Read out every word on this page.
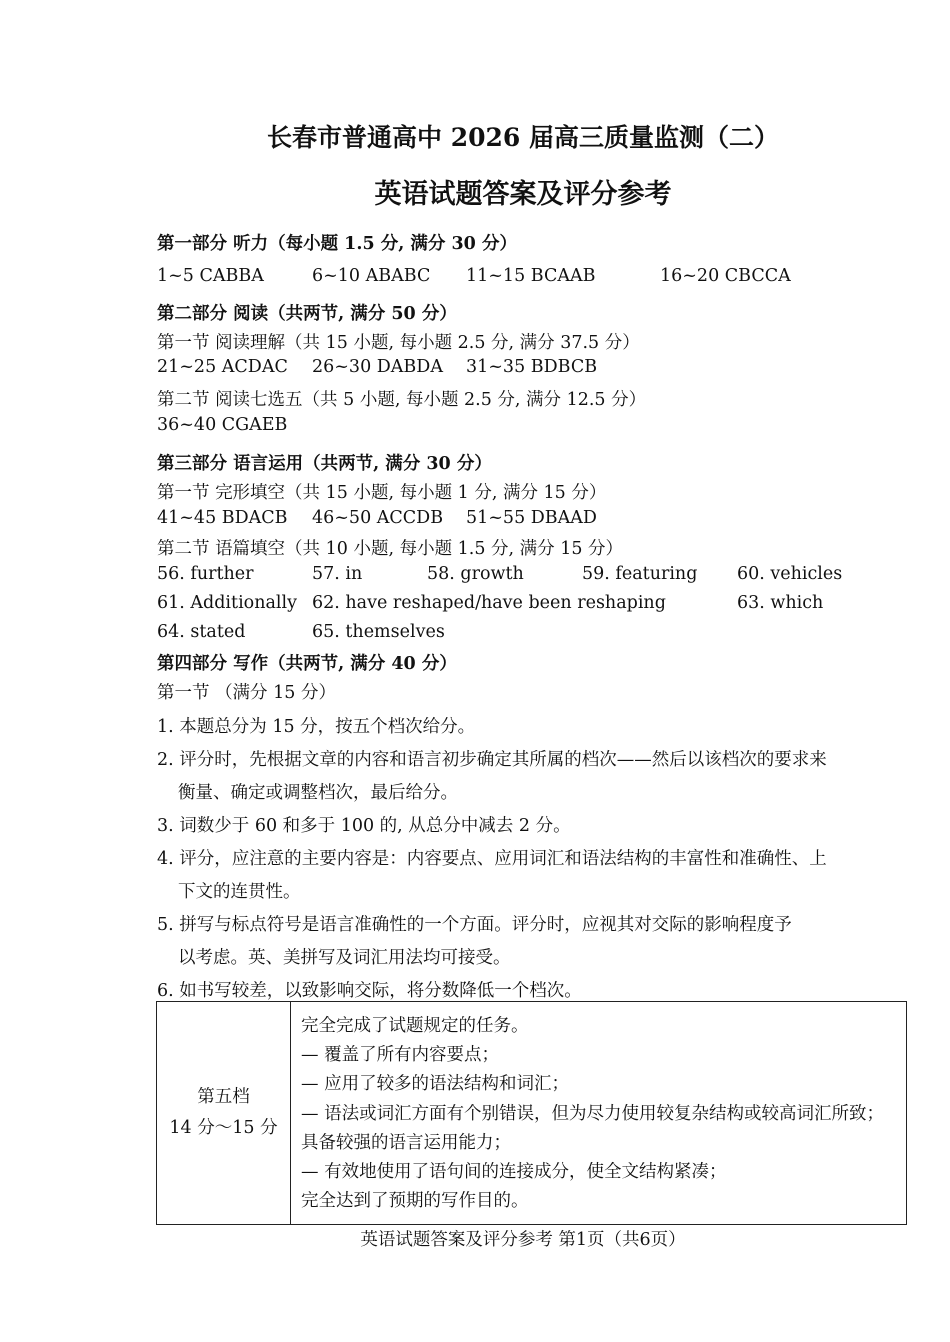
长春市普通高中 2026 届高三质量监测（二）
英语试题答案及评分参考
第一部分 听力（每小题 1.5 分, 满分 30 分）
1~5 CABBA	6~10 ABABC 11~15 BCAAB	16~20 CBCCA
第二部分 阅读（共两节, 满分 50 分）
第一节 阅读理解（共 15 小题, 每小题 2.5 分, 满分 37.5 分）
21~25 ACDAC 26~30 DABDA 31~35 BDBCB
第二节 阅读七选五（共 5 小题, 每小题 2.5 分, 满分 12.5 分）
36~40 CGAEB
第三部分 语言运用（共两节, 满分 30 分）
第一节 完形填空（共 15 小题, 每小题 1 分, 满分 15 分）
41~45 BDACB 46~50 ACCDB 51~55 DBAAD
第二节 语篇填空（共 10 小题, 每小题 1.5 分, 满分 15 分）
56. further	57. in	58. growth	59. featuring 60. vehicles
61. Additionally 62. have reshaped/have been reshaping	63. which
64. stated	65. themselves
第四部分 写作（共两节, 满分 40 分）
第一节 （满分 15 分）
1. 本题总分为 15 分，按五个档次给分。
2. 评分时，先根据文章的内容和语言初步确定其所属的档次——然后以该档次的要求来
衡量、确定或调整档次，最后给分。
3. 词数少于 60 和多于 100 的, 从总分中减去 2 分。
4. 评分，应注意的主要内容是：内容要点、应用词汇和语法结构的丰富性和准确性、上
下文的连贯性。
5. 拼写与标点符号是语言准确性的一个方面。评分时，应视其对交际的影响程度予
以考虑。英、美拼写及词汇用法均可接受。
6. 如书写较差，以致影响交际，将分数降低一个档次。
第五档
14 分～15 分

完全完成了试题规定的任务。
— 覆盖了所有内容要点；
— 应用了较多的语法结构和词汇；
— 语法或词汇方面有个别错误，但为尽力使用较复杂结构或较高词汇所致；具备较强的语言运用能力；
— 有效地使用了语句间的连接成分，使全文结构紧凑；
完全达到了预期的写作目的。
英语试题答案及评分参考 第1页（共6页）
